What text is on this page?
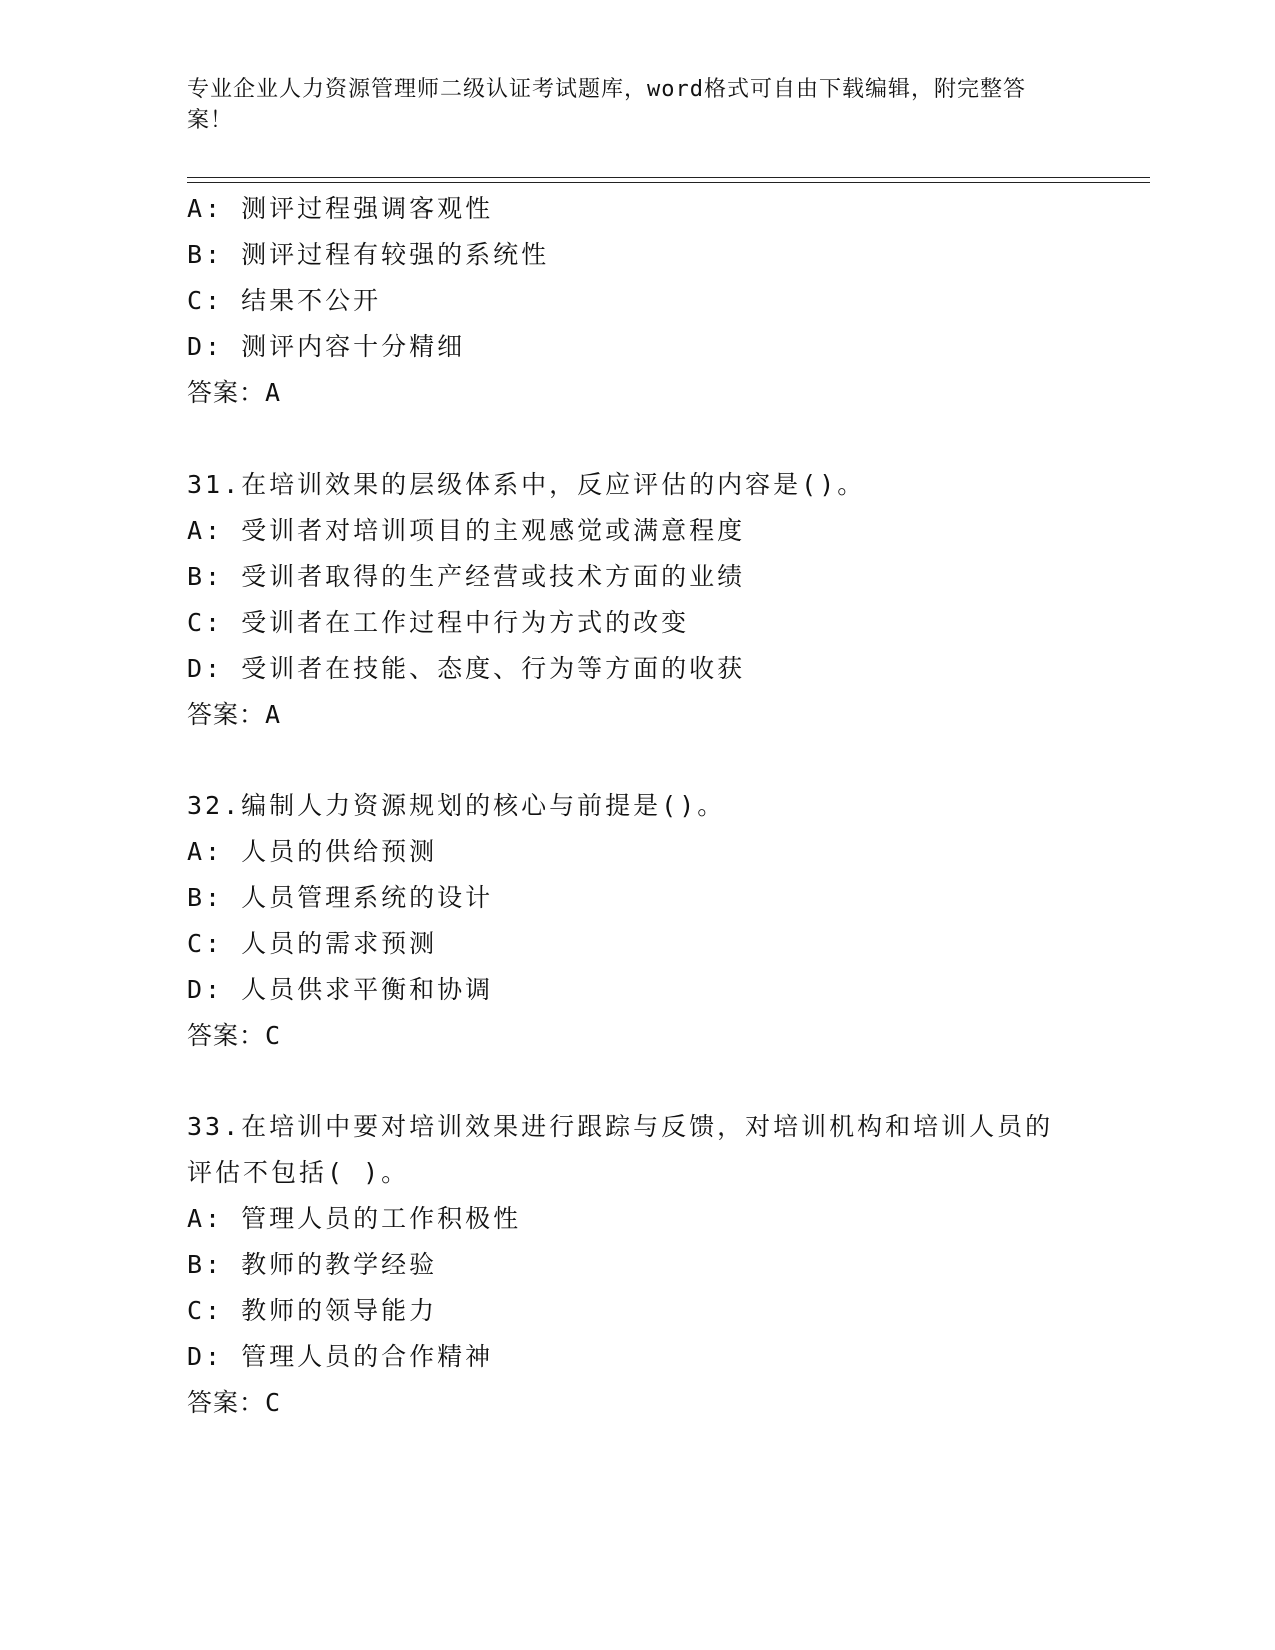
专业企业人力资源管理师二级认证考试题库，word格式可自由下载编辑，附完整答案！
A: 测评过程强调客观性
B: 测评过程有较强的系统性
C: 结果不公开
D: 测评内容十分精细
答案：A
31.在培训效果的层级体系中，反应评估的内容是()。
A: 受训者对培训项目的主观感觉或满意程度
B: 受训者取得的生产经营或技术方面的业绩
C: 受训者在工作过程中行为方式的改变
D: 受训者在技能、态度、行为等方面的收获
答案：A
32.编制人力资源规划的核心与前提是()。
A: 人员的供给预测
B: 人员管理系统的设计
C: 人员的需求预测
D: 人员供求平衡和协调
答案：C
33.在培训中要对培训效果进行跟踪与反馈，对培训机构和培训人员的评估不包括( )。
A: 管理人员的工作积极性
B: 教师的教学经验
C: 教师的领导能力
D: 管理人员的合作精神
答案：C
